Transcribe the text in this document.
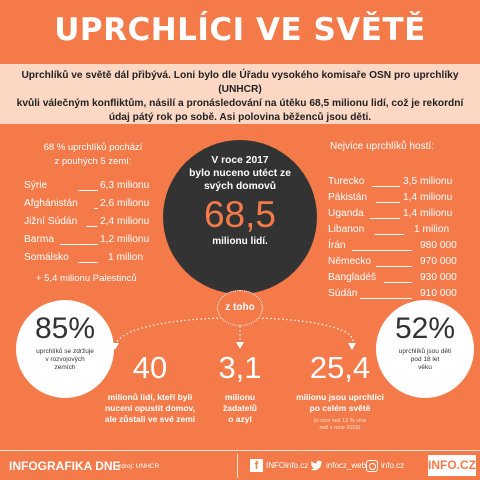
UPRCHLÍCI VE SVĚTĚ
Uprchlíků ve světě dál přibývá. Loni bylo dle Úřadu vysokého komisaře OSN pro uprchlíky (UNHCR)
kvůli válečným konfliktům, násilí a pronásledování na útěku 68,5 milionu lidí, což je rekordní
údaj pátý rok po sobě. Asi polovina běženců jsou děti.
68 % uprchlíků pochází
z pouhých 5 zemí:
Sýrie	6,3 milionu
Afghánistán 2,6 milionu
Jižní Súdán 2,4 milionu
Barma	1,2 milionu
Somálsko	1 milion
+ 5,4 milionu Palestinců
Nejvíce uprchlíků hostí:
Turecko	3,5 milionu
Pákistán	1,4 milionu
Uganda	1,4 milionu
Libanon	1 milion
Írán	980 000
Německo	970 000
Bangladéš	930 000
Súdán	910 000
V roce 2017
bylo nuceno utéct ze
svých domovů
68,5
milionu lidí.
z toho
85%
uprchlíků se zdržuje
v rozvojových
zemích
52%
uprchlíků jsou děti
pod 18 let
věku
40
milionů lidí, kteří byli
nuceni opustit domov,
ale zůstali ve své zemi
3,1
milionu
žadatelů
o azyl
25,4
milionu jsou uprchlíci
po celém světě
(o více než 12 % více
než v roce 2016)
INFOGRAFIKA DNE
zdroj: UNHCR	f INFOinfo.cz	infocz_web	info.cz INFO.CZ
